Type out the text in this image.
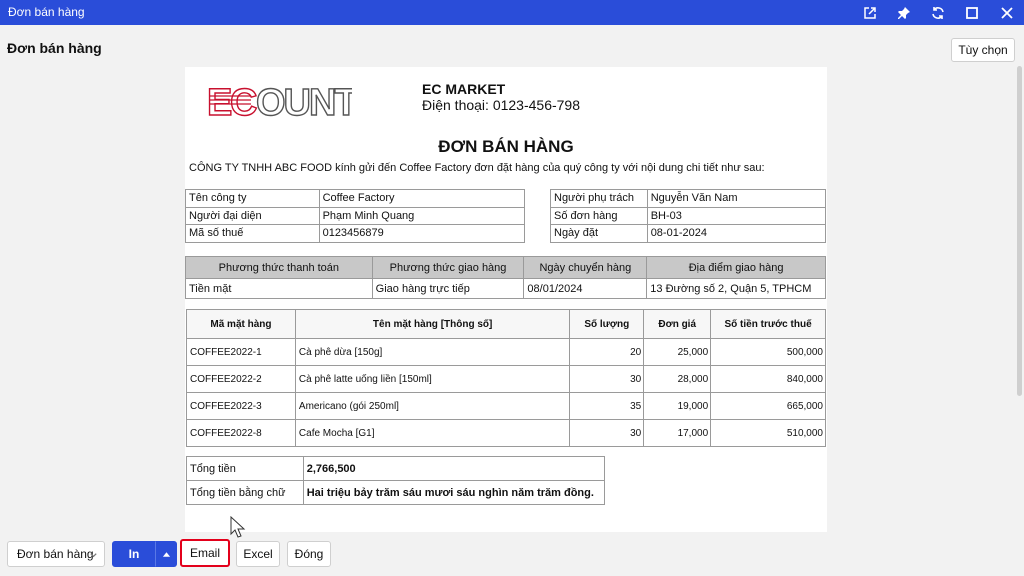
Đơn bán hàng
Đơn bán hàng	Tùy chọn
E C OUNT	EC MARKET
Điện thoại: 0123-456-798
ĐƠN BÁN HÀNG
CÔNG TY TNHH ABC FOOD kính gửi đến Coffee Factory đơn đặt hàng của quý công ty với nội dung chi tiết như sau:
Tên công ty	Coffee Factory
Người đại diện	Phạm Minh Quang
Mã số thuế	0123456879
Người phụ trách	Nguyễn Văn Nam
Số đơn hàng	BH-03
Ngày đặt	08-01-2024
Phương thức thanh toán	Phương thức giao hàng	Ngày chuyển hàng	Địa điểm giao hàng
Tiền mặt	Giao hàng trực tiếp	08/01/2024	13 Đường số 2, Quận 5, TPHCM
Mã mặt hàng	Tên mặt hàng [Thông số]	Số lượng	Đơn giá	Số tiền trước thuế
COFFEE2022-1	Cà phê dừa [150g]	20	25,000	500,000
COFFEE2022-2	Cà phê latte uống liền [150ml]	30	28,000	840,000
COFFEE2022-3	Americano (gói 250ml]	35	19,000	665,000
COFFEE2022-8	Cafe Mocha [G1]	30	17,000	510,000
Tổng tiền	2,766,500
Tổng tiền bằng chữ	Hai triệu bảy trăm sáu mươi sáu nghìn năm trăm đồng.
Đơn bán hàng	In	Email	Excel	Đóng
